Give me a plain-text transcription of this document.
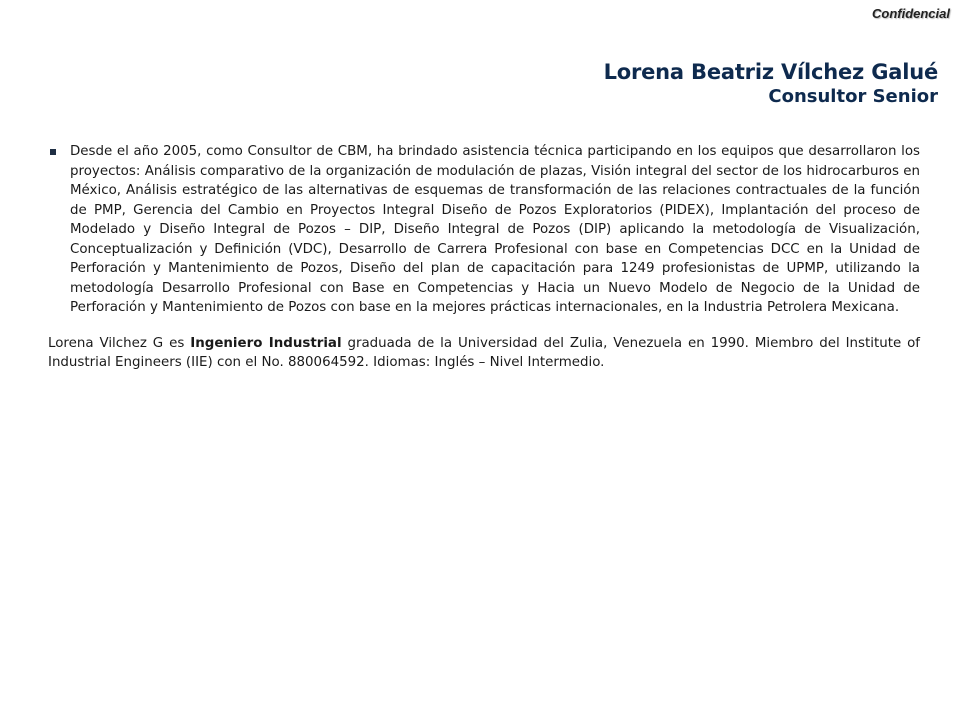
Confidencial
Lorena Beatriz Vílchez Galué
Consultor Senior
Desde el año 2005, como Consultor de CBM, ha brindado asistencia técnica participando en los equipos que desarrollaron los proyectos: Análisis comparativo de la organización de modulación de plazas, Visión integral del sector de los hidrocarburos en México, Análisis estratégico de las alternativas de esquemas de transformación de las relaciones contractuales de la función de PMP, Gerencia del Cambio en Proyectos Integral Diseño de Pozos Exploratorios (PIDEX), Implantación del proceso de Modelado y Diseño Integral de Pozos – DIP, Diseño Integral de Pozos (DIP) aplicando la metodología de Visualización, Conceptualización y Definición (VDC), Desarrollo de Carrera Profesional con base en Competencias DCC en la Unidad de Perforación y Mantenimiento de Pozos, Diseño del plan de capacitación para 1249 profesionistas de UPMP, utilizando la metodología Desarrollo Profesional con Base en Competencias y Hacia un Nuevo Modelo de Negocio de la Unidad de Perforación y Mantenimiento de Pozos con base en la mejores prácticas internacionales, en la Industria Petrolera Mexicana.

Lorena Vilchez G es Ingeniero Industrial graduada de la Universidad del Zulia, Venezuela en 1990. Miembro del Institute of Industrial Engineers (IIE) con el No. 880064592. Idiomas: Inglés – Nivel Intermedio.
